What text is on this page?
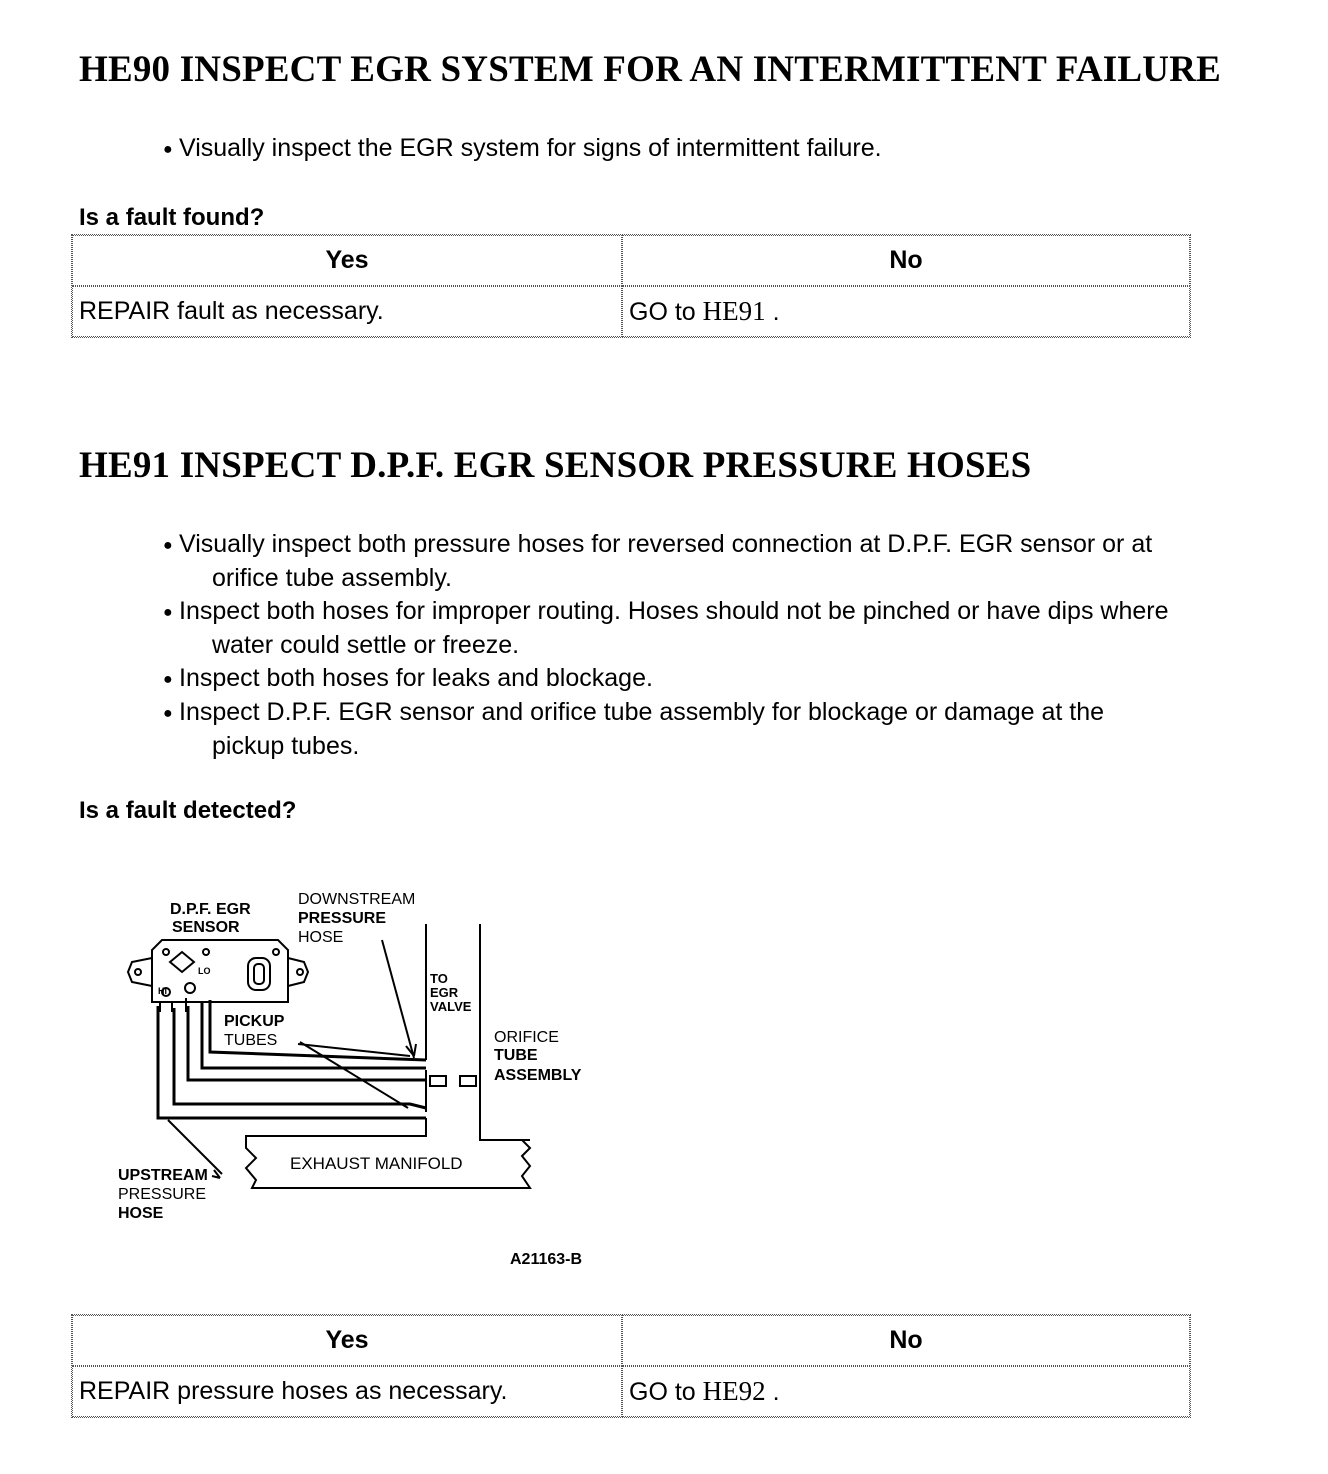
HE90 INSPECT EGR SYSTEM FOR AN INTERMITTENT FAILURE
● Visually inspect the EGR system for signs of intermittent failure.
Is a fault found?
Yes	No
REPAIR fault as necessary.	GO to HE91 .
HE91 INSPECT D.P.F. EGR SENSOR PRESSURE HOSES
● Visually inspect both pressure hoses for reversed connection at D.P.F. EGR sensor or at
orifice tube assembly.
● Inspect both hoses for improper routing. Hoses should not be pinched or have dips where
water could settle or freeze.
● Inspect both hoses for leaks and blockage.
● Inspect D.P.F. EGR sensor and orifice tube assembly for blockage or damage at the
pickup tubes.
Is a fault detected?
D.P.F. EGR
SENSOR
DOWNSTREAM
PRESSURE
HOSE
TO
EGR
VALVE
ORIFICE
TUBE
ASSEMBLY
PICKUP
TUBES
UPSTREAM
PRESSURE
HOSE
EXHAUST MANIFOLD
HI
LO
A21163-B
Yes	No
REPAIR pressure hoses as necessary.	GO to HE92 .
